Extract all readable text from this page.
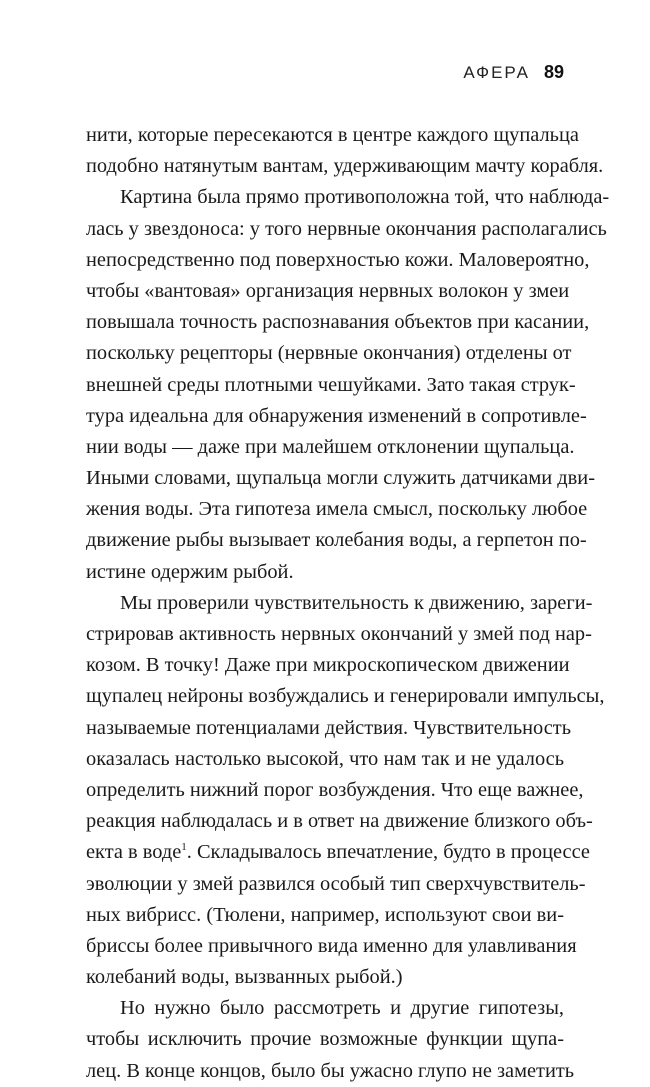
АФЕРА 89
нити, которые пересекаются в центре каждого щупальца
подобно натянутым вантам, удерживающим мачту корабля.
Картина была прямо противоположна той, что наблюда-
лась у звездоноса: у того нервные окончания располагались
непосредственно под поверхностью кожи. Маловероятно,
чтобы «вантовая» организация нервных волокон у змеи
повышала точность распознавания объектов при касании,
поскольку рецепторы (нервные окончания) отделены от
внешней среды плотными чешуйками. Зато такая струк-
тура идеальна для обнаружения изменений в сопротивле-
нии воды — даже при малейшем отклонении щупальца.
Иными словами, щупальца могли служить датчиками дви-
жения воды. Эта гипотеза имела смысл, поскольку любое
движение рыбы вызывает колебания воды, а герпетон по-
истине одержим рыбой.
Мы проверили чувствительность к движению, зареги-
стрировав активность нервных окончаний у змей под нар-
козом. В точку! Даже при микроскопическом движении
щупалец нейроны возбуждались и генерировали импульсы,
называемые потенциалами действия. Чувствительность
оказалась настолько высокой, что нам так и не удалось
определить нижний порог возбуждения. Что еще важнее,
реакция наблюдалась и в ответ на движение близкого объ-
екта в воде$^1$. Складывалось впечатление, будто в процессе
эволюции у змей развился особый тип сверхчувствитель-
ных вибрисс. (Тюлени, например, используют свои ви-
бриссы более привычного вида именно для улавливания
колебаний воды, вызванных рыбой.)
Но нужно было рассмотреть и другие гипотезы,
чтобы исключить прочие возможные функции щупа-
лец. В конце концов, было бы ужасно глупо не заметить
